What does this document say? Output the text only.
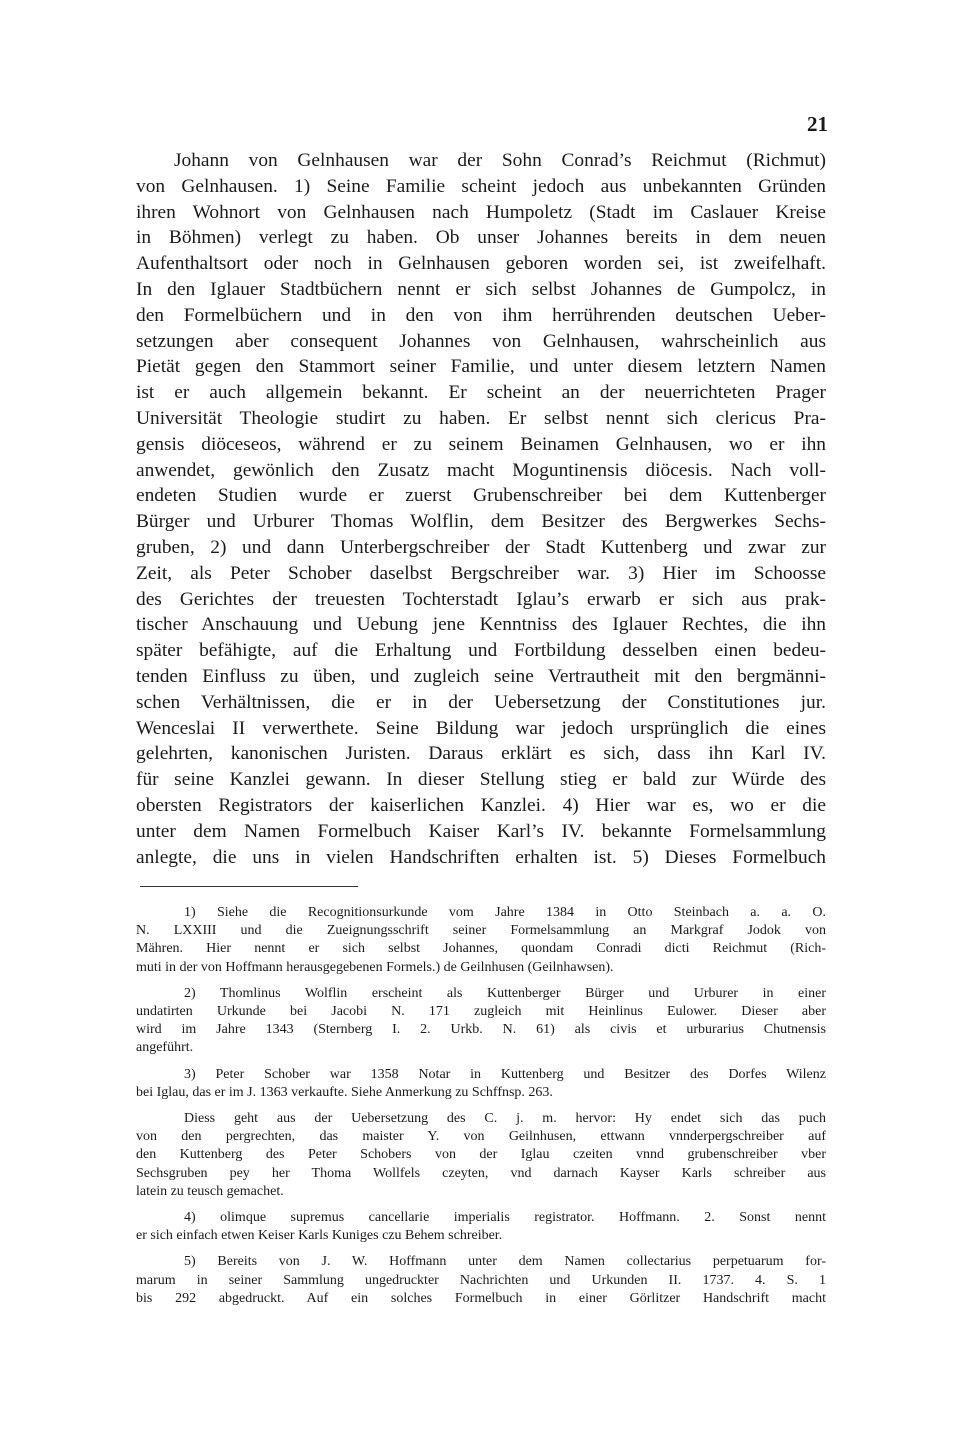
21
Johann von Gelnhausen war der Sohn Conrad’s Reichmut (Richmut)
von Gelnhausen. 1) Seine Familie scheint jedoch aus unbekannten Gründen
ihren Wohnort von Gelnhausen nach Humpoletz (Stadt im Caslauer Kreise
in Böhmen) verlegt zu haben. Ob unser Johannes bereits in dem neuen
Aufenthaltsort oder noch in Gelnhausen geboren worden sei, ist zweifelhaft.
In den Iglauer Stadtbüchern nennt er sich selbst Johannes de Gumpolcz, in
den Formelbüchern und in den von ihm herrührenden deutschen Ueber-
setzungen aber consequent Johannes von Gelnhausen, wahrscheinlich aus
Pietät gegen den Stammort seiner Familie, und unter diesem letztern Namen
ist er auch allgemein bekannt. Er scheint an der neuerrichteten Prager
Universität Theologie studirt zu haben. Er selbst nennt sich clericus Pra-
gensis diöceseos, während er zu seinem Beinamen Gelnhausen, wo er ihn
anwendet, gewönlich den Zusatz macht Moguntinensis diöcesis. Nach voll-
endeten Studien wurde er zuerst Grubenschreiber bei dem Kuttenberger
Bürger und Urburer Thomas Wolflin, dem Besitzer des Bergwerkes Sechs-
gruben, 2) und dann Unterbergschreiber der Stadt Kuttenberg und zwar zur
Zeit, als Peter Schober daselbst Bergschreiber war. 3) Hier im Schoosse
des Gerichtes der treuesten Tochterstadt Iglau’s erwarb er sich aus prak-
tischer Anschauung und Uebung jene Kenntniss des Iglauer Rechtes, die ihn
später befähigte, auf die Erhaltung und Fortbildung desselben einen bedeu-
tenden Einfluss zu üben, und zugleich seine Vertrautheit mit den bergmänni-
schen Verhältnissen, die er in der Uebersetzung der Constitutiones jur.
Wenceslai II verwerthete. Seine Bildung war jedoch ursprünglich die eines
gelehrten, kanonischen Juristen. Daraus erklärt es sich, dass ihn Karl IV.
für seine Kanzlei gewann. In dieser Stellung stieg er bald zur Würde des
obersten Registrators der kaiserlichen Kanzlei. 4) Hier war es, wo er die
unter dem Namen Formelbuch Kaiser Karl’s IV. bekannte Formelsammlung
anlegte, die uns in vielen Handschriften erhalten ist. 5) Dieses Formelbuch
1) Siehe die Recognitionsurkunde vom Jahre 1384 in Otto Steinbach a. a. O.
N. LXXIII und die Zueignungsschrift seiner Formelsammlung an Markgraf Jodok von
Mähren. Hier nennt er sich selbst Johannes, quondam Conradi dicti Reichmut (Rich-
muti in der von Hoffmann herausgegebenen Formels.) de Geilnhusen (Geilnhawsen).
2) Thomlinus Wolflin erscheint als Kuttenberger Bürger und Urburer in einer
undatirten Urkunde bei Jacobi N. 171 zugleich mit Heinlinus Eulower. Dieser aber
wird im Jahre 1343 (Sternberg I. 2. Urkb. N. 61) als civis et urburarius Chutnensis
angeführt.
3) Peter Schober war 1358 Notar in Kuttenberg und Besitzer des Dorfes Wilenz
bei Iglau, das er im J. 1363 verkaufte. Siehe Anmerkung zu Schffnsp. 263.
Diess geht aus der Uebersetzung des C. j. m. hervor: Hy endet sich das puch
von den pergrechten, das maister Y. von Geilnhusen, ettwann vnnderpergschreiber auf
den Kuttenberg des Peter Schobers von der Iglau czeiten vnnd grubenschreiber vber
Sechsgruben pey her Thoma Wollfels czeyten, vnd darnach Kayser Karls schreiber aus
latein zu teusch gemachet.
4) olimque supremus cancellarie imperialis registrator. Hoffmann. 2. Sonst nennt
er sich einfach etwen Keiser Karls Kuniges czu Behem schreiber.
5) Bereits von J. W. Hoffmann unter dem Namen collectarius perpetuarum for-
marum in seiner Sammlung ungedruckter Nachrichten und Urkunden II. 1737. 4. S. 1
bis 292 abgedruckt. Auf ein solches Formelbuch in einer Görlitzer Handschrift macht
